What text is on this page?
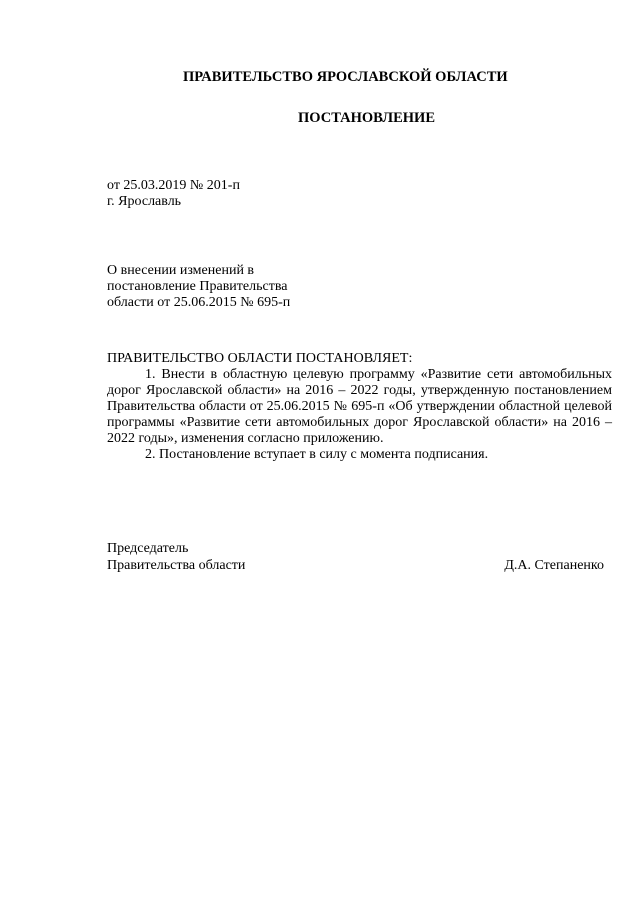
ПРАВИТЕЛЬСТВО ЯРОСЛАВСКОЙ ОБЛАСТИ
ПОСТАНОВЛЕНИЕ
от 25.03.2019 № 201-п
г. Ярославль
О внесении изменений в
постановление Правительства
области от 25.06.2015 № 695-п
ПРАВИТЕЛЬСТВО ОБЛАСТИ ПОСТАНОВЛЯЕТ:

1. Внести в областную целевую программу «Развитие сети автомобильных дорог Ярославской области» на 2016 – 2022 годы, утвержденную постановлением Правительства области от 25.06.2015 № 695-п «Об утверждении областной целевой программы «Развитие сети автомобильных дорог Ярославской области» на 2016 – 2022 годы», изменения согласно приложению.

2. Постановление вступает в силу с момента подписания.

Председатель
Правительства области	Д.А. Степаненко
